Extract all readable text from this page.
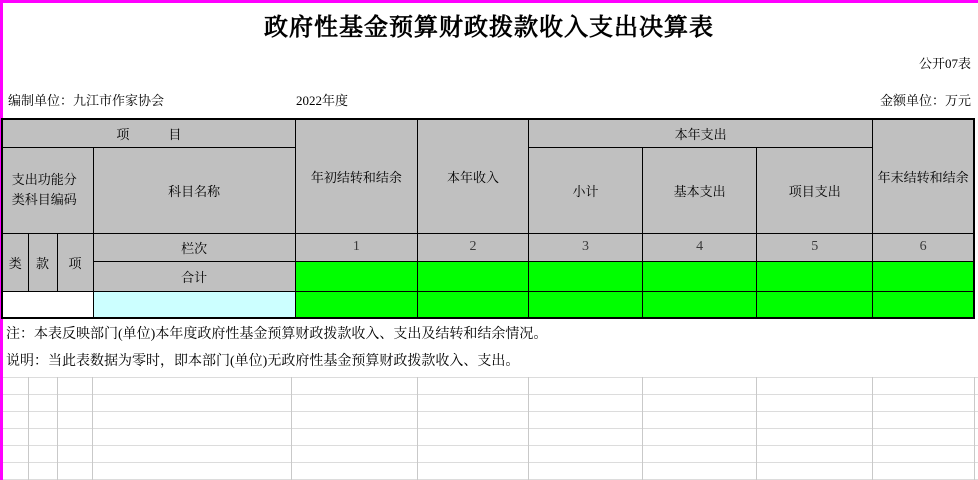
政府性基金预算财政拨款收入支出决算表
公开07表
编制单位：九江市作家协会	2022年度	金额单位：万元
项　　　目				年初结转和结余	本年收入	本年支出			年末结转和结余
支出功能分类科目编码			科目名称			小计	基本支出	项目支出	
类	款	项	栏次	1	2	3	4	5	6
			合计						

注：本表反映部门(单位)本年度政府性基金预算财政拨款收入、支出及结转和结余情况。
说明：当此表数据为零时，即本部门(单位)无政府性基金预算财政拨款收入、支出。
